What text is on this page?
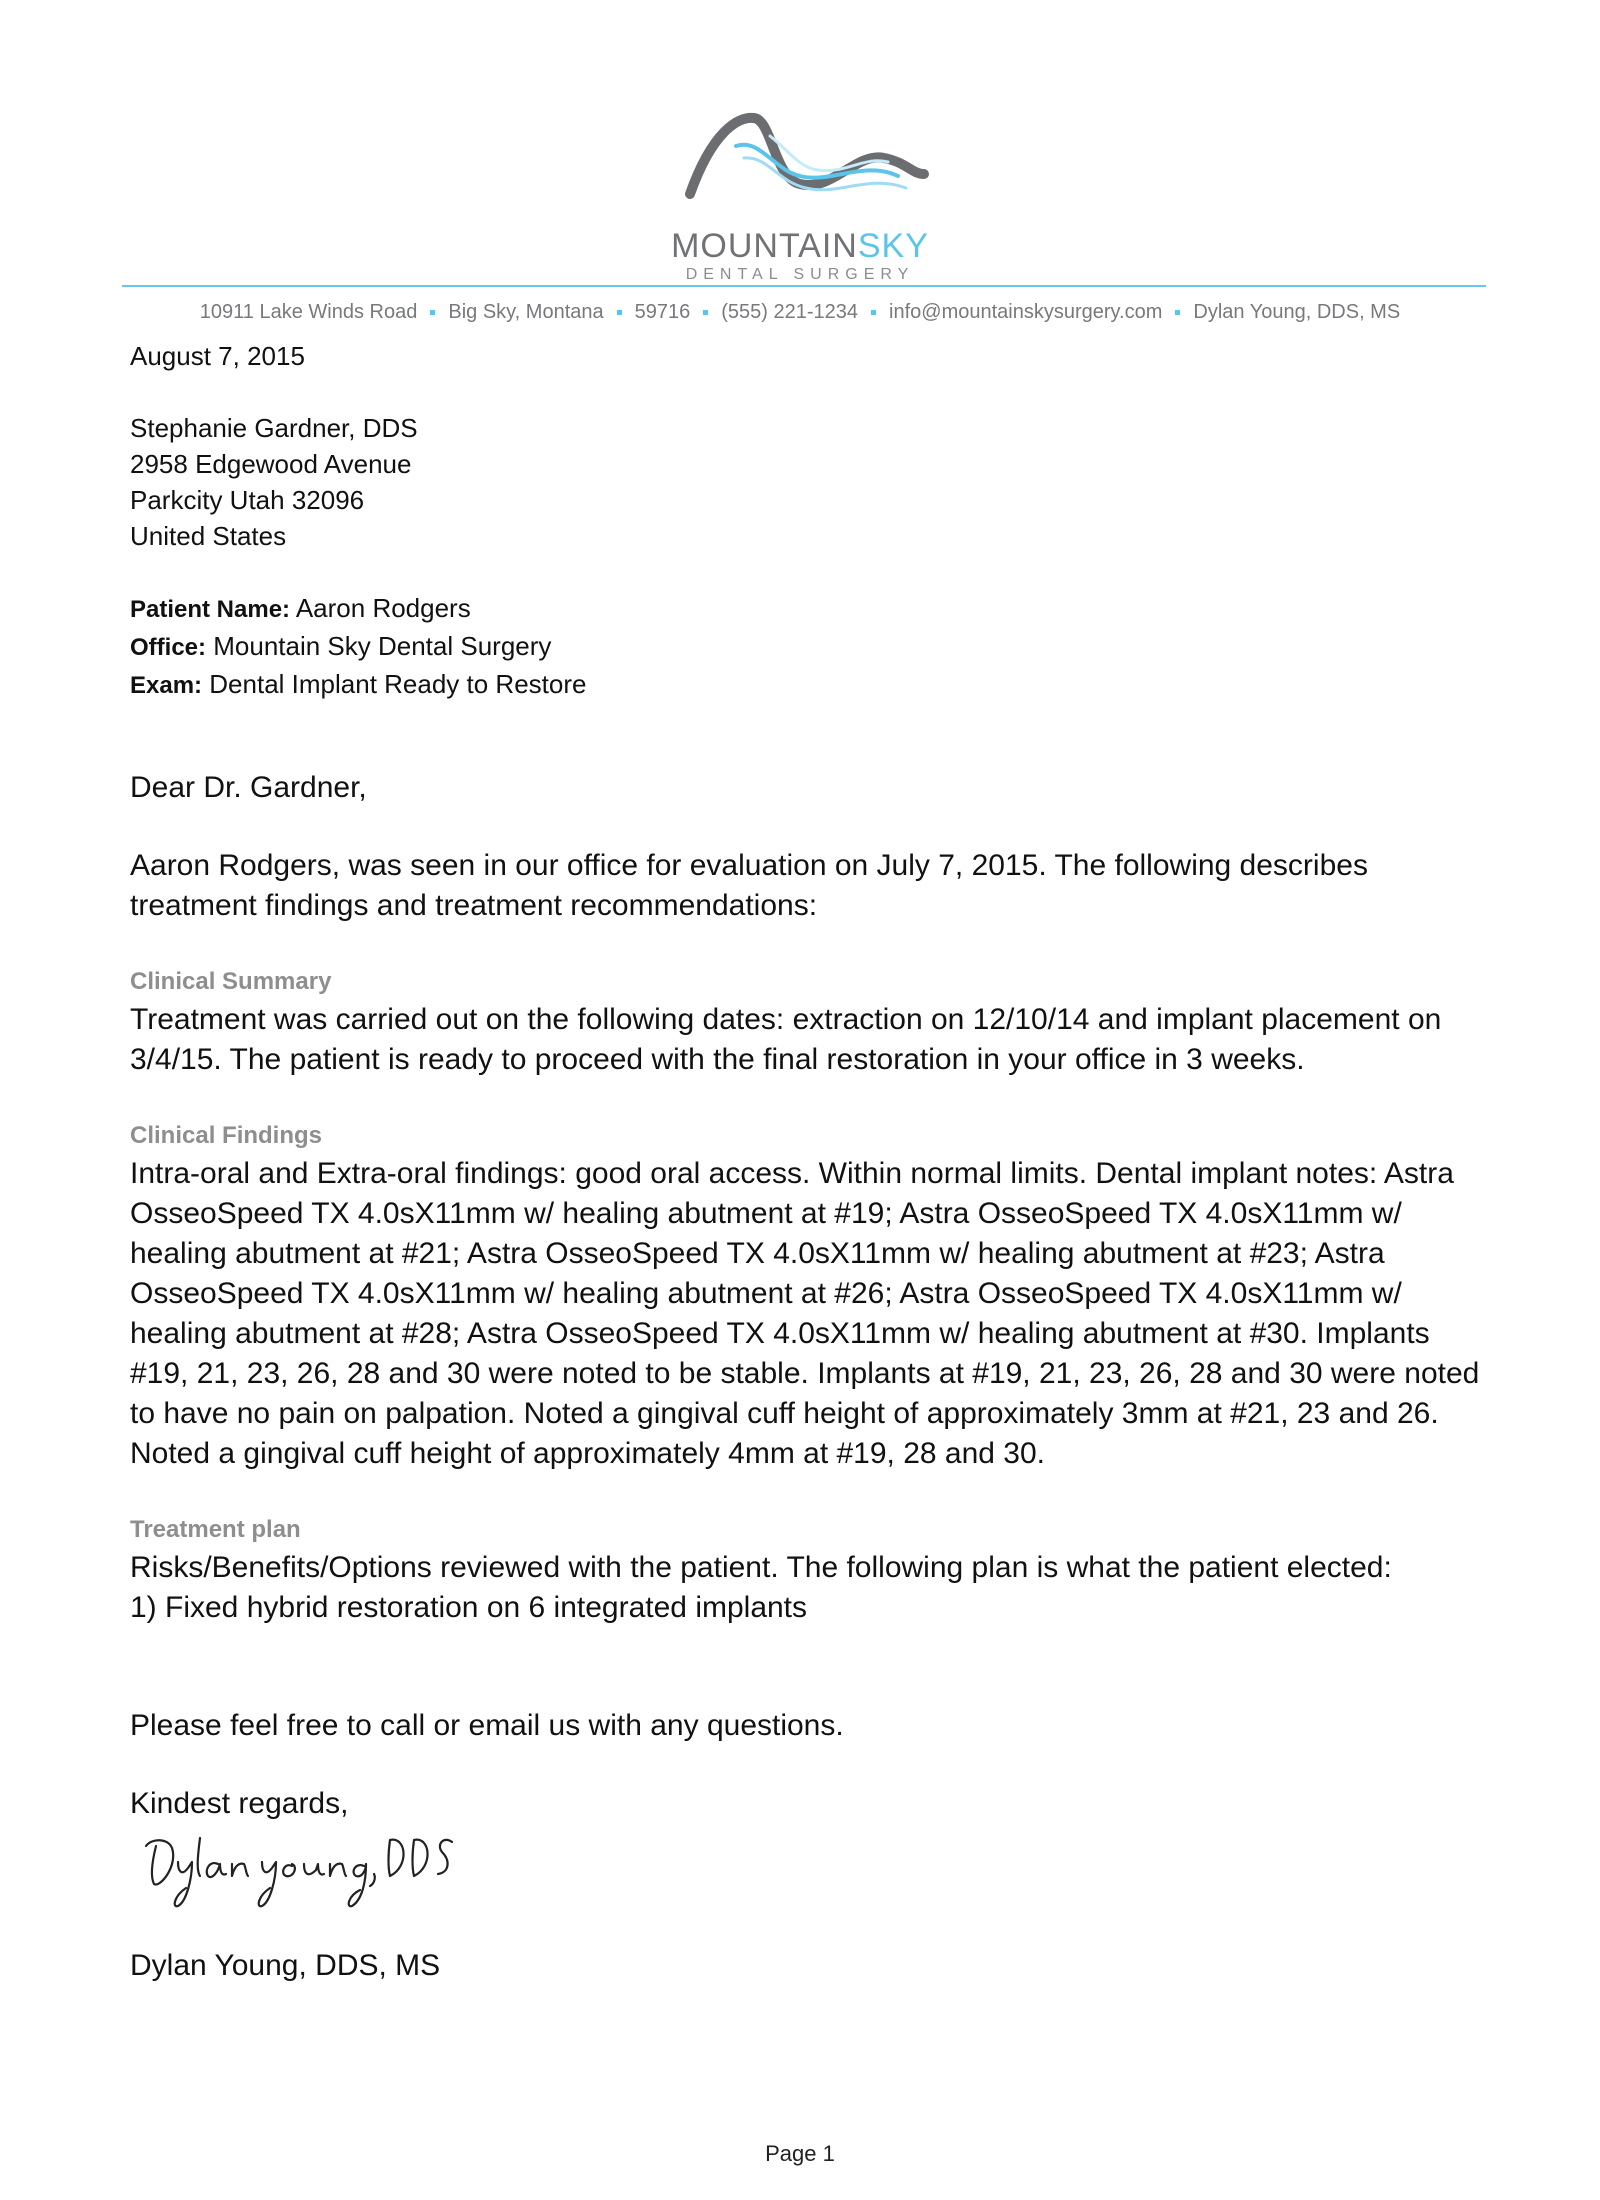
MOUNTAINSKY
DENTAL SURGERY
10911 Lake Winds Road Big Sky, Montana 59716 (555) 221-1234 info@mountainskysurgery.com Dylan Young, DDS, MS
August 7, 2015
Stephanie Gardner, DDS
2958 Edgewood Avenue
Parkcity Utah 32096
United States
Patient Name: Aaron Rodgers
Office: Mountain Sky Dental Surgery
Exam: Dental Implant Ready to Restore
Dear Dr. Gardner,
Aaron Rodgers, was seen in our office for evaluation on July 7, 2015. The following describes treatment findings and treatment recommendations:
Clinical Summary
Treatment was carried out on the following dates: extraction on 12/10/14 and implant placement on 3/4/15. The patient is ready to proceed with the final restoration in your office in 3 weeks.
Clinical Findings
Intra-oral and Extra-oral findings: good oral access. Within normal limits. Dental implant notes: Astra OsseoSpeed TX 4.0sX11mm w/ healing abutment at #19; Astra OsseoSpeed TX 4.0sX11mm w/ healing abutment at #21; Astra OsseoSpeed TX 4.0sX11mm w/ healing abutment at #23; Astra OsseoSpeed TX 4.0sX11mm w/ healing abutment at #26; Astra OsseoSpeed TX 4.0sX11mm w/ healing abutment at #28; Astra OsseoSpeed TX 4.0sX11mm w/ healing abutment at #30. Implants #19, 21, 23, 26, 28 and 30 were noted to be stable. Implants at #19, 21, 23, 26, 28 and 30 were noted to have no pain on palpation. Noted a gingival cuff height of approximately 3mm at #21, 23 and 26. Noted a gingival cuff height of approximately 4mm at #19, 28 and 30.
Treatment plan
Risks/Benefits/Options reviewed with the patient. The following plan is what the patient elected:
1) Fixed hybrid restoration on 6 integrated implants
Please feel free to call or email us with any questions.
Kindest regards,
Dylan Young, DDS
Dylan Young, DDS, MS
Page 1
